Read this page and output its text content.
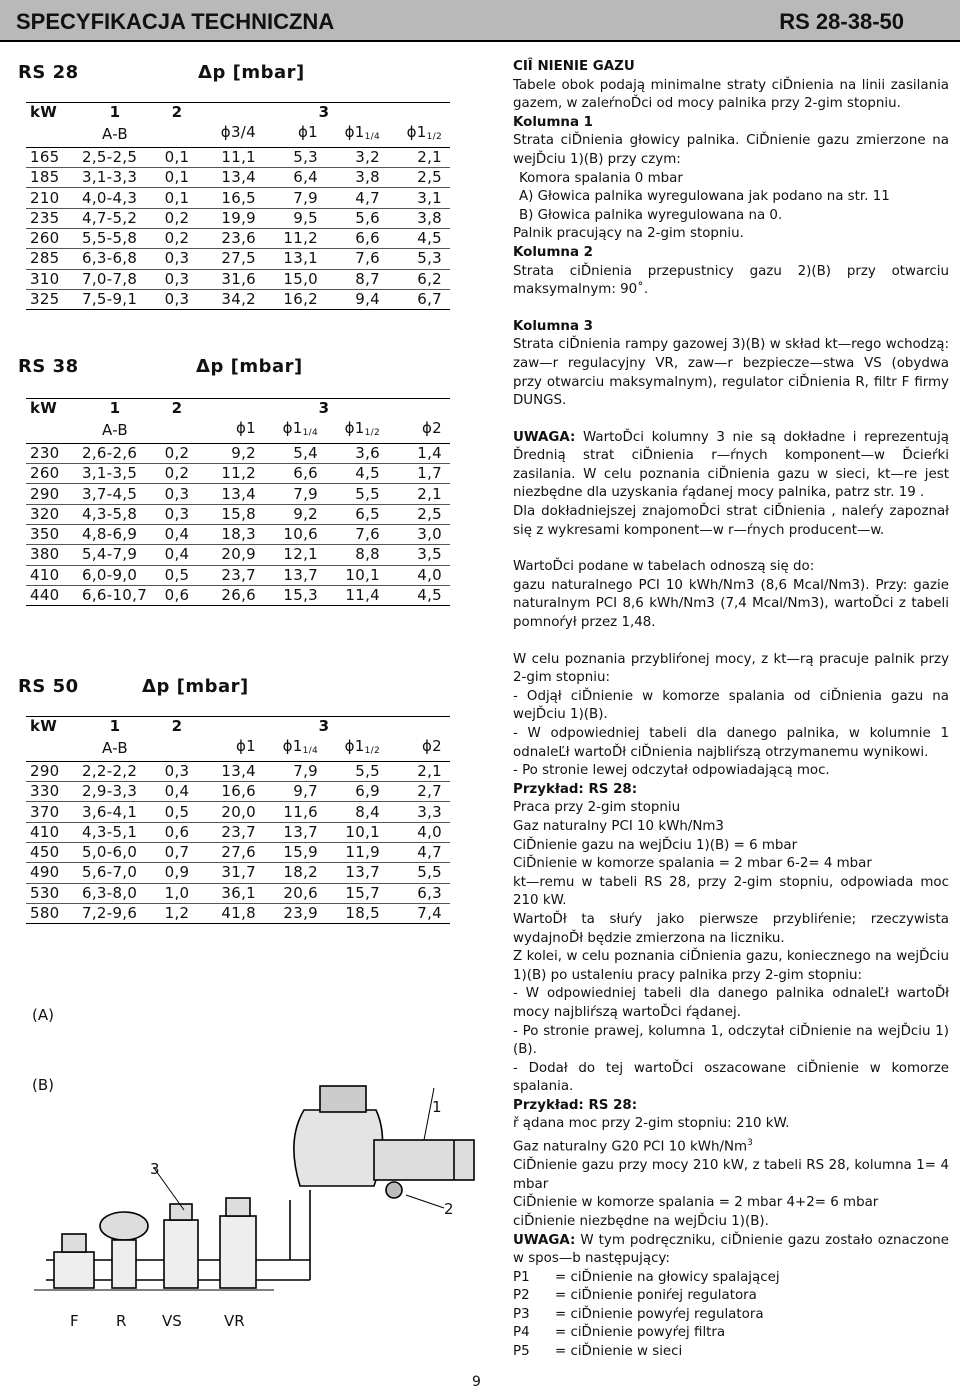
SPECYFIKACJA TECHNICZNA	RS 28-38-50
RS 28	Δp [mbar]
kW	1	2	3			
	A-B		ϕ3/4	ϕ1	$\phi 1_{1/4}$	$\phi 1_{1/2}$
165	2,5-2,5	0,1	11,1	5,3	3,2	2,1
185	3,1-3,3	0,1	13,4	6,4	3,8	2,5
210	4,0-4,3	0,1	16,5	7,9	4,7	3,1
235	4,7-5,2	0,2	19,9	9,5	5,6	3,8
260	5,5-5,8	0,2	23,6	11,2	6,6	4,5
285	6,3-6,8	0,3	27,5	13,1	7,6	5,3
310	7,0-7,8	0,3	31,6	15,0	8,7	6,2
325	7,5-9,1	0,3	34,2	16,2	9,4	6,7
RS 38	Δp [mbar]
kW	1	2	3			
	A-B		ϕ1	$\phi 1_{1/4}$	$\phi 1_{1/2}$	ϕ2
230	2,6-2,6	0,2	9,2	5,4	3,6	1,4
260	3,1-3,5	0,2	11,2	6,6	4,5	1,7
290	3,7-4,5	0,3	13,4	7,9	5,5	2,1
320	4,3-5,8	0,3	15,8	9,2	6,5	2,5
350	4,8-6,9	0,4	18,3	10,6	7,6	3,0
380	5,4-7,9	0,4	20,9	12,1	8,8	3,5
410	6,0-9,0	0,5	23,7	13,7	10,1	4,0
440	6,6-10,7	0,6	26,6	15,3	11,4	4,5
RS 50	Δp [mbar]
kW	1	2	3			
	A-B		ϕ1	$\phi 1_{1/4}$	$\phi 1_{1/2}$	ϕ2
290	2,2-2,2	0,3	13,4	7,9	5,5	2,1
330	2,9-3,3	0,4	16,6	9,7	6,9	2,7
370	3,6-4,1	0,5	20,0	11,6	8,4	3,3
410	4,3-5,1	0,6	23,7	13,7	10,1	4,0
450	5,0-6,0	0,7	27,6	15,9	11,9	4,7
490	5,6-7,0	0,9	31,7	18,2	13,7	5,5
530	6,3-8,0	1,0	36,1	20,6	15,7	6,3
580	7,2-9,6	1,2	41,8	23,9	18,5	7,4
(A)
(B)
1
2
3
F R VS	VR

CIÎ NIENIE GAZU

Tabele obok podają minimalne straty ciĎnienia na linii zasilania gazem, w zaleŕnoĎci od mocy palnika przy 2-gim stopniu.

Kolumna 1

Strata ciĎnienia głowicy palnika. CiĎnienie gazu zmierzone na wejĎciu 1)(B) przy czym:

Komora spalania 0 mbar

A) Głowica palnika wyregulowana jak podano na str. 11

B) Głowica palnika wyregulowana na 0.

Palnik pracujący na 2-gim stopniu.

Kolumna 2

Strata ciĎnienia przepustnicy gazu 2)(B) przy otwarciu maksymalnym: 90˚.

Kolumna 3

Strata ciĎnienia rampy gazowej 3)(B) w skład kt—rego wchodzą: zaw—r regulacyjny VR, zaw—r bezpiecze—stwa VS (obydwa przy otwarciu maksymalnym), regulator ciĎnienia R, filtr F firmy DUNGS.

UWAGA: WartoĎci kolumny 3 nie są dokładne i reprezentują Ďrednią strat ciĎnienia r—ŕnych komponent—w Ďcieŕki zasilania. W celu poznania ciĎnienia gazu w sieci, kt—re jest niezbędne dla uzyskania ŕądanej mocy palnika, patrz str. 19 .

Dla dokładniejszej znajomoĎci strat ciĎnienia , naleŕy zapoznał się z wykresami komponent—w r—ŕnych producent—w.

WartoĎci podane w tabelach odnoszą się do:

gazu naturalnego PCI 10 kWh/Nm3 (8,6 Mcal/Nm3). Przy: gazie naturalnym PCI 8,6 kWh/Nm3 (7,4 Mcal/Nm3), wartoĎci z tabeli pomnoŕył przez 1,48.

W celu poznania przybliŕonej mocy, z kt—rą pracuje palnik przy 2-gim stopniu:

- Odjął ciĎnienie w komorze spalania od ciĎnienia gazu na wejĎciu 1)(B).

- W odpowiedniej tabeli dla danego palnika, w kolumnie 1 odnaleĽł wartoĎł ciĎnienia najbliŕszą otrzymanemu wynikowi.

- Po stronie lewej odczytał odpowiadającą moc.

Przykład: RS 28:

Praca przy 2-gim stopniu

Gaz naturalny PCI 10 kWh/Nm3

CiĎnienie gazu na wejĎciu 1)(B) = 6 mbar

CiĎnienie w komorze spalania = 2 mbar 6-2= 4 mbar

kt—remu w tabeli RS 28, przy 2-gim stopniu, odpowiada moc 210 kW.

WartoĎł ta słuŕy jako pierwsze przybliŕenie; rzeczywista wydajnoĎł będzie zmierzona na liczniku.

Z kolei, w celu poznania ciĎnienia gazu, koniecznego na wejĎciu 1)(B) po ustaleniu pracy palnika przy 2-gim stopniu:

- W odpowiedniej tabeli dla danego palnika odnaleĽł wartoĎł mocy najbliŕszą wartoĎci ŕądanej.

- Po stronie prawej, kolumna 1, odczytał ciĎnienie na wejĎciu 1)(B).

- Dodał do tej wartoĎci oszacowane ciĎnienie w komorze spalania.

Przykład: RS 28:

ř ądana moc przy 2-gim stopniu: 210 kW.

Gaz naturalny G20 PCI 10 kWh/Nm$^3$

CiĎnienie gazu przy mocy 210 kW, z tabeli RS 28, kolumna 1= 4 mbar

CiĎnienie w komorze spalania = 2 mbar 4+2= 6 mbar

ciĎnienie niezbędne na wejĎciu 1)(B).

UWAGA: W tym podręczniku, ciĎnienie gazu zostało oznaczone w spos—b następujący:

P1	= ciĎnienie na głowicy spalającej
P2	= ciĎnienie poniŕej regulatora
P3	= ciĎnienie powyŕej regulatora
P4	= ciĎnienie powyŕej filtra
P5	= ciĎnienie w sieci
9
